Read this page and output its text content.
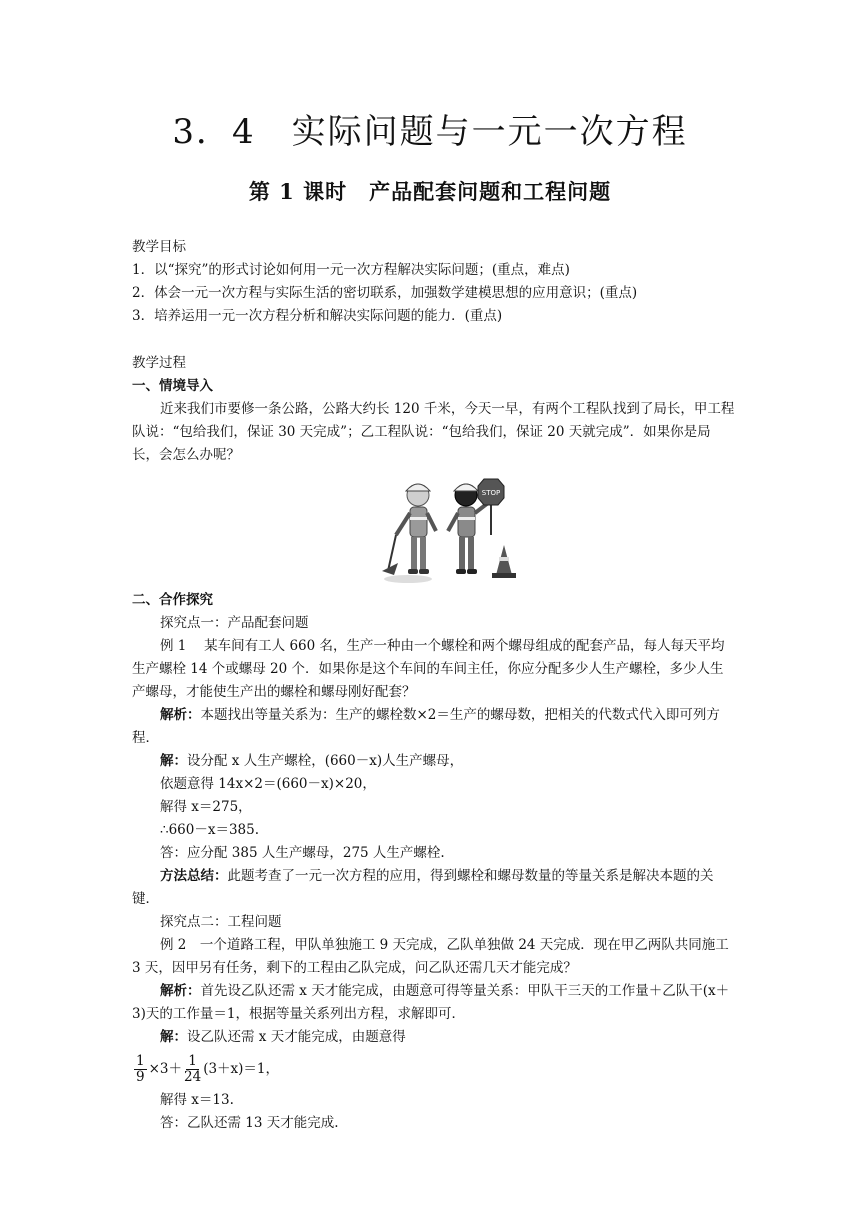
3．4　实际问题与一元一次方程
第 1 课时　产品配套问题和工程问题

教学目标

1．以“探究”的形式讨论如何用一元一次方程解决实际问题；(重点，难点)

2．体会一元一次方程与实际生活的密切联系，加强数学建模思想的应用意识；(重点)

3．培养运用一元一次方程分析和解决实际问题的能力．(重点)

教学过程

一、情境导入

近来我们市要修一条公路，公路大约长 120 千米，今天一早，有两个工程队找到了局长，甲工程队说：“包给我们，保证 30 天完成”；乙工程队说：“包给我们，保证 20 天就完成”．如果你是局长，会怎么办呢？

STOP

二、合作探究

探究点一：产品配套问题

例 1　 某车间有工人 660 名，生产一种由一个螺栓和两个螺母组成的配套产品，每人每天平均生产螺栓 14 个或螺母 20 个．如果你是这个车间的车间主任，你应分配多少人生产螺栓，多少人生产螺母，才能使生产出的螺栓和螺母刚好配套？

解析：本题找出等量关系为：生产的螺栓数×2＝生产的螺母数，把相关的代数式代入即可列方程．

解：设分配 x 人生产螺栓，(660－x)人生产螺母，

依题意得 14x×2＝(660－x)×20，

解得 x＝275，

∴660－x＝385.

答：应分配 385 人生产螺母，275 人生产螺栓.

方法总结：此题考查了一元一次方程的应用，得到螺栓和螺母数量的等量关系是解决本题的关键．

探究点二：工程问题

例 2　一个道路工程，甲队单独施工 9 天完成，乙队单独做 24 天完成．现在甲乙两队共同施工 3 天，因甲另有任务，剩下的工程由乙队完成，问乙队还需几天才能完成？

解析：首先设乙队还需 x 天才能完成，由题意可得等量关系：甲队干三天的工作量＋乙队干(x＋3)天的工作量＝1，根据等量关系列出方程，求解即可．

解：设乙队还需 x 天才能完成，由题意得

$\frac{1}{9} \times 3+ \frac{1}{24} (3+x)=1$，

解得 x＝13.

答：乙队还需 13 天才能完成.
